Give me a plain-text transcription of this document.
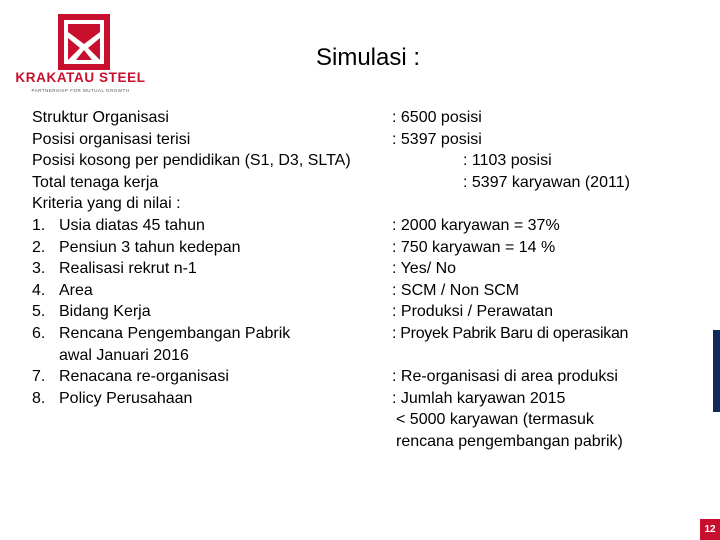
KRAKATAU STEEL
PARTNERSHIP FOR MUTUAL GROWTH
Simulasi :
Struktur Organisasi	: 6500 posisi
Posisi organisasi terisi	: 5397 posisi
Posisi kosong per pendidikan (S1, D3, SLTA)	: 1103 posisi
Total tenaga kerja	: 5397 karyawan (2011)
Kriteria yang di nilai :
1. Usia diatas 45 tahun	: 2000 karyawan = 37%
2. Pensiun 3 tahun kedepan	: 750 karyawan = 14 %
3. Realisasi rekrut n-1	: Yes/ No
4. Area	: SCM / Non SCM
5. Bidang Kerja	: Produksi / Perawatan
6. Rencana Pengembangan Pabrik	: Proyek Pabrik Baru di operasikan
awal Januari 2016
7. Renacana re-organisasi	: Re-organisasi di area produksi
8. Policy Perusahaan	: Jumlah karyawan 2015
< 5000 karyawan (termasuk
rencana pengembangan pabrik)
12
